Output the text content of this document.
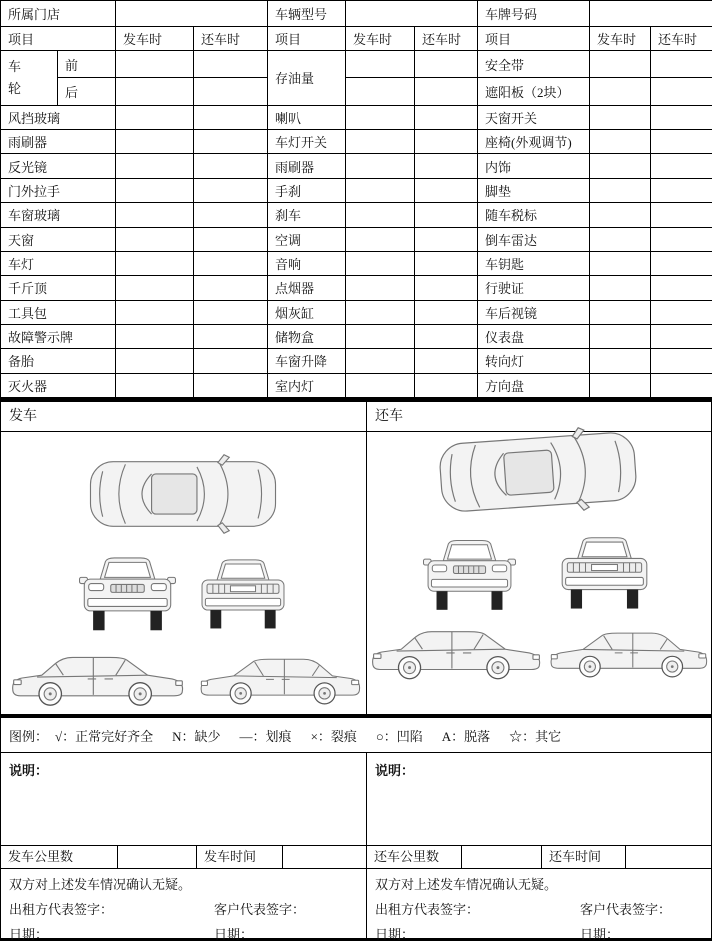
所属门店				车辆型号			车牌号码		
项目		发车时	还车时	项目	发车时	还车时	项目	发车时	还车时
车轮	前			存油量			安全带		
	后						遮阳板（2块）		
风挡玻璃				喇叭			天窗开关		
雨刷器				车灯开关			座椅(外观调节)		
反光镜				雨刷器			内饰		
门外拉手				手刹			脚垫		
车窗玻璃				刹车			随车税标		
天窗				空调			倒车雷达		
车灯				音响			车钥匙		
千斤顶				点烟器			行驶证		
工具包				烟灰缸			车后视镜		
故障警示牌				储物盒			仪表盘		
备胎				车窗升降			转向灯		
灭火器				室内灯			方向盘		
发车	还车
图例： √：正常完好齐全 N：缺少 —：划痕 ×：裂痕 ○：凹陷 A：脱落 ☆：其它
说明：	说明：
发车公里数	发车时间	还车公里数	还车时间
双方对上述发车情况确认无疑。
出租方代表签字：	客户代表签字：
日期：	日期：
双方对上述发车情况确认无疑。
出租方代表签字：	客户代表签字：
日期：	日期：
